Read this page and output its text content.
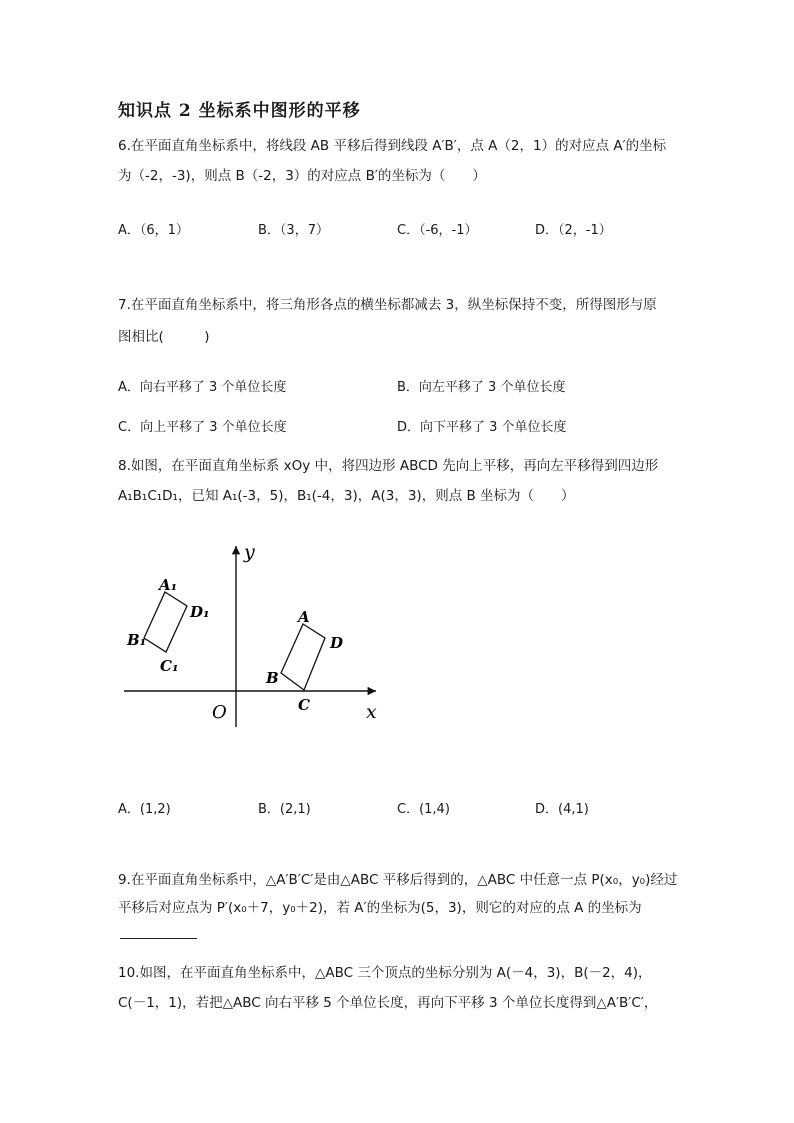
知识点 2 坐标系中图形的平移
6.在平面直角坐标系中，将线段 AB 平移后得到线段 A′B′，点 A（2，1）的对应点 A′的坐标
为（-2，-3)，则点 B（-2，3）的对应点 B′的坐标为（　　）
A．（6，1）	B．（3，7）	C．（-6，-1）	D．（2，-1）
7.在平面直角坐标系中，将三角形各点的横坐标都减去 3，纵坐标保持不变，所得图形与原
图相比(　　　)
A．向右平移了 3 个单位长度	B．向左平移了 3 个单位长度
C．向上平移了 3 个单位长度	D．向下平移了 3 个单位长度
8.如图，在平面直角坐标系 xOy 中，将四边形 ABCD 先向上平移，再向左平移得到四边形
A₁B₁C₁D₁，已知 A₁(-3，5)，B₁(-4，3)，A(3，3)，则点 B 坐标为（　　）
y
x
O
A₁
D₁
B₁
C₁
A
D
B
C
A．(1,2)	B．(2,1)	C．(1,4)	D．(4,1)
9.在平面直角坐标系中，△A′B′C′是由△ABC 平移后得到的，△ABC 中任意一点 P(x₀，y₀)经过
平移后对应点为 P′(x₀＋7，y₀＋2)，若 A′的坐标为(5，3)，则它的对应的点 A 的坐标为
10.如图，在平面直角坐标系中，△ABC 三个顶点的坐标分别为 A(－4，3)，B(－2，4)，
C(－1，1)，若把△ABC 向右平移 5 个单位长度，再向下平移 3 个单位长度得到△A′B′C′，
